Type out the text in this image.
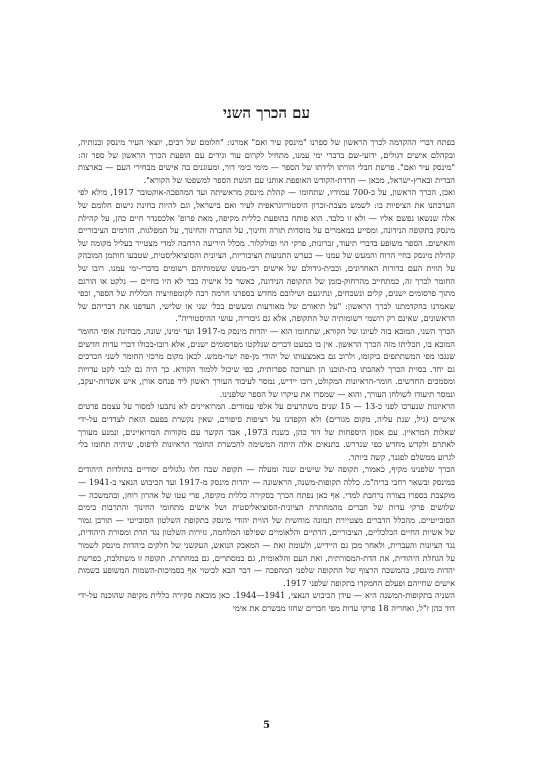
עם הכרך השני

בפתח דברי ההקדמה לכרך הראשון של ספרנו "מינסק עיר ואם" אמרנו: "חלומם של רבים, יוצאי העיר מינסק ובנותיה, ובקהלם אישים דגולים, ידועי-שם בדברי ימי עמנו, מתחיל לקרום עור וגידים עם הופעת הכרך הראשון של ספר זה: "מינסק עיר ואם". פרשת חבלי הורתו ולידתו של הספר — מימי כימי דור, ומעוגנים בה אישים מבחירי העם — בארצות הברית ובארץ-ישראל, מכאן — חרדת-הקודש האופפת אותנו עם הגשת הספר למשפטו של הקורא".

ואכן, הכרך הראשון, על כ-700 עמודיו, שתחומו — קהלת מינסק מראשיתה ועד המהפכה-אוקטובר 1917, מילא לפי הערכתנו את הציפיות בו: לשמש מצבת-זכרון היסטוריוגראפית לעיר ואם בישראל, וגם להיות בחינת גישום חלומם של אלה שנשאו נפשם אליו — ולא זו בלבד. הוא פותח בהופעת כללית מקיפה, מאת פרופ' אלכסנדר חיים כהן, על קהילת מינסק בתקופה הנידונה, ומסייע במאמרים על מוסדות תורה וחינוך, על החברה והחינוך, על המפלגות, הזרמים הציבוריים והאישים. הספר משופע בדברי תיעוד, זכרונות, פרקי הוי ופולקלור. מכלל היריעה הרחבה למדי מצטייר בעליל מקומה של קהילת מינסק בחיי הרוח והמעש של עמנו — כערש התנועות הציבוריות, הציונית והסוציאליסטית, שטבעו חותמן המובהק על הווית העם בדורות האחרונים, וכבית-גידולם של אישים רבי-מעש ששמותיהם רשומים בדברי-ימי עמנו. רובו של החומר לכרך זה, כמתחייב מהרחוק-בזמן של התקופה הנידונה, כאשר כל אישיה כבר לא היו בחיים — נלקט או הורגם מתוך פרסומים ישנים, קלים ונשכחים, ונתיגעם ושילובם מחדש בספרנו חרמה רבה לקומפוזיציה הכללית של הספר, וכפי שאמרנו בהקדמתנו לכרך הראשון: "על תיאורם של מאורעות ומעשים בכל׳ שני או שלישי, העדפנו את דבריהם של הראשונים, שאינם רק רושמי רשומותיה של התקופה, אלא גם גיבוריה, עושי ההיסטוריה".

הכרך השני, המובא בזה לעיונו של הקורא, שתחומו הוא — יהדות מינסק מ-1917 ועד ימינו, שונה, מבחינת אופי החומר המובא בו, תכליתו מזה הכרך הראשון. אין בו כמעט דברים שנלקטו מפרסומים ישנים, אלא רובו-ככולו דברי עדות חדשים שנגבו מפי המשתתפים ביקומו, ולרוב גם באמצעותו של יהודי מן-פה ישר-ממש. לכאן מקום מרכזי החומר לשני הכרכים גם יחד. בסוית הכרך לאהבתו בת-תוכנו הן תערוכה ספרותית, כפי שיכול ללמוד הקורא. כך היה גם לגבי לקט עדויות ומסמכים החדשים. חומר-הראיונות המקולט, רובו יידיש, נמסר לעיבוד העורך ראשון ליד פנחס אורן, איש אשדות-יעקב, ונמסר תיעודו לשולחן העורך, והוא — שמסרו את עיקרו של הספר שלפנינו.

הראיונות שנערכו לפני כ-13 — 15 שנים משתרעים על אלפי עמודים. המרואיינים לא נתבעו למסור על עצמם פרטים אישיים (גיל, שנת עליה, מקום מגורים) ולא הקפדנו על רציפות סיפורם, שאין נקשרת בפעם הזאת לצדדים על-ידי שאלות המראיין. עם אסון היספחות של דוד כהן, בשנת 1973, אבד הקשר עם מקורות המרואיינים, ונמנע מעורך לאתרם ולקדש מחדש כפי שנדרש. בתנאים אלה היתה המשימה להכשרת החומר הראיונות לדפוס, שיהיה תחומו בלי לגרוע ממשלם לפגנר, קשה ביותר.

הכרך שלפנינו מקיף, כאמור, תקופה של שישים שנה ומעלה — תקופה שבה חלו גלגולים יסודיים בתולדות היהודים במינסק ובשאר רחבי בריה"מ. כללה תקופות-משנה, הראשונה — יהדות מינסק מ-1917 ועד הכיבוש הנאצי ב-1941 — מוקצבת בספרו בצורה נרחבת למדי. אף כאן נפתח הכרך בסקירה כללית מקיפה, פרי עטו של אהרון רוחן, ובהמשכה — שלושים פרקי עדות של חברים מהמחתרת הציונית-הסוציאליסטית ושל אישים מתחומי החינוך והתרבות בימים הסובייטיים. מהכלל הדברים מצטיירת תמונה מוחשית של הווית יהודי מינסק בתקופת השלטון הסובייטי — תורבן גמור של אשיות החיים הכלכליים, הציבוריים, הדתיים והלאומיים שפילפו המלחמה, גזירות השלטון נגד הדת ומסורת היהודית, נגד הציונות והעברית, ולאחר מכן גם היידיש, ולעומת זאת — המאבק הנואש, העקשני של חלקים ביהדות מינסק לשמור על הגחלת היהודית, את הדת-המסורתית, ואת העם והלאומית, גם במסתרים, גם במחתרת. תקופה זו משתלבת, בפרשת יהדות מינסק, כהמשכה הרצוף של התקופה שלפני המהפכה — דבר הבא לביטוי אף בסמיכות-השמות המשופע בשמות אישים שחייהם וּפעלם החמקדו בתקופה שלפני 1917.

השניה בתקופות-המשנה היא — עידן הכיבוש הנאצי, 1941—1944. כאן מובאת סקירה כללית מקיפה שהוכנה על-ידי דוד כהן ז"ל, ואחריה 18 פרקי עדות מפי חברים שחזו מבשרם את אימי

5
